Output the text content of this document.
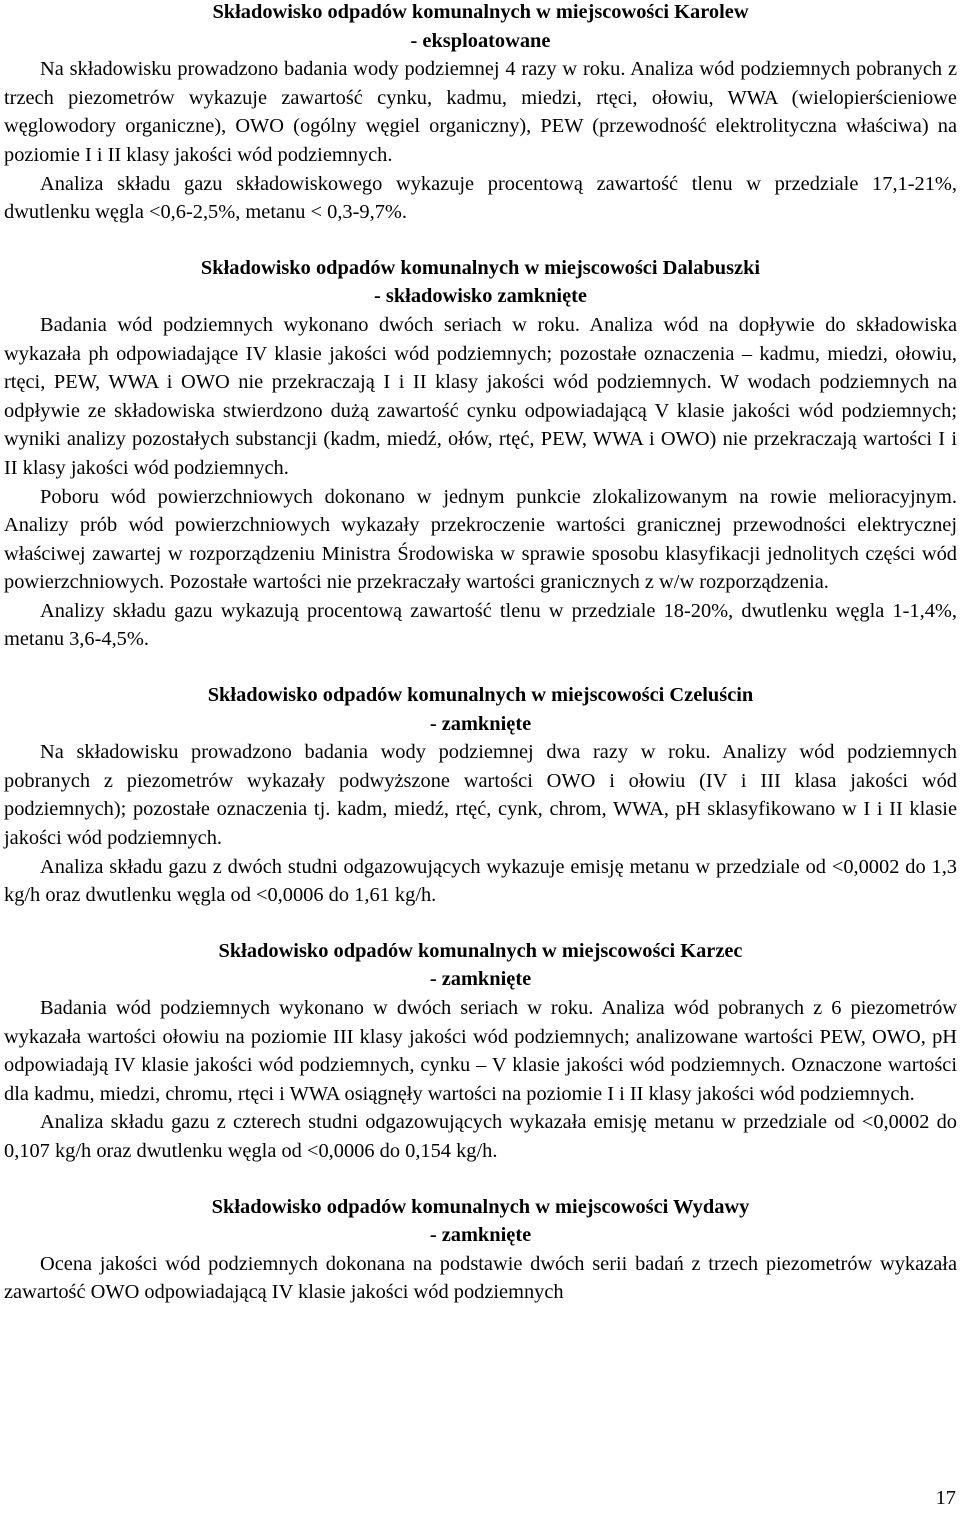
Składowisko odpadów komunalnych w miejscowości Karolew
- eksploatowane

Na składowisku prowadzono badania wody podziemnej 4 razy w roku. Analiza wód podziemnych pobranych z trzech piezometrów wykazuje zawartość cynku, kadmu, miedzi, rtęci, ołowiu, WWA (wielopierścieniowe węglowodory organiczne), OWO (ogólny węgiel organiczny), PEW (przewodność elektrolityczna właściwa) na poziomie I i II klasy jakości wód podziemnych.

Analiza składu gazu składowiskowego wykazuje procentową zawartość tlenu w przedziale 17,1-21%, dwutlenku węgla <0,6-2,5%, metanu < 0,3-9,7%.

Składowisko odpadów komunalnych w miejscowości Dalabuszki
- składowisko zamknięte

Badania wód podziemnych wykonano dwóch seriach w roku. Analiza wód na dopływie do składowiska wykazała ph odpowiadające IV klasie jakości wód podziemnych; pozostałe oznaczenia – kadmu, miedzi, ołowiu, rtęci, PEW, WWA i OWO nie przekraczają I i II klasy jakości wód podziemnych. W wodach podziemnych na odpływie ze składowiska stwierdzono dużą zawartość cynku odpowiadającą V klasie jakości wód podziemnych; wyniki analizy pozostałych substancji (kadm, miedź, ołów, rtęć, PEW, WWA i OWO) nie przekraczają wartości I i II klasy jakości wód podziemnych.

Poboru wód powierzchniowych dokonano w jednym punkcie zlokalizowanym na rowie melioracyjnym. Analizy prób wód powierzchniowych wykazały przekroczenie wartości granicznej przewodności elektrycznej właściwej zawartej w rozporządzeniu Ministra Środowiska w sprawie sposobu klasyfikacji jednolitych części wód powierzchniowych. Pozostałe wartości nie przekraczały wartości granicznych z w/w rozporządzenia.

Analizy składu gazu wykazują procentową zawartość tlenu w przedziale 18-20%, dwutlenku węgla 1-1,4%, metanu 3,6-4,5%.

Składowisko odpadów komunalnych w miejscowości Czeluścin
- zamknięte

Na składowisku prowadzono badania wody podziemnej dwa razy w roku. Analizy wód podziemnych pobranych z piezometrów wykazały podwyższone wartości OWO i ołowiu (IV i III klasa jakości wód podziemnych); pozostałe oznaczenia tj. kadm, miedź, rtęć, cynk, chrom, WWA, pH sklasyfikowano w I i II klasie jakości wód podziemnych.

Analiza składu gazu z dwóch studni odgazowujących wykazuje emisję metanu w przedziale od <0,0002 do 1,3 kg/h oraz dwutlenku węgla od <0,0006 do 1,61 kg/h.

Składowisko odpadów komunalnych w miejscowości Karzec
- zamknięte

Badania wód podziemnych wykonano w dwóch seriach w roku. Analiza wód pobranych z 6 piezometrów wykazała wartości ołowiu na poziomie III klasy jakości wód podziemnych; analizowane wartości PEW, OWO, pH odpowiadają IV klasie jakości wód podziemnych, cynku – V klasie jakości wód podziemnych. Oznaczone wartości dla kadmu, miedzi, chromu, rtęci i WWA osiągnęły wartości na poziomie I i II klasy jakości wód podziemnych.

Analiza składu gazu z czterech studni odgazowujących wykazała emisję metanu w przedziale od <0,0002 do 0,107 kg/h oraz dwutlenku węgla od <0,0006 do 0,154 kg/h.

Składowisko odpadów komunalnych w miejscowości Wydawy
- zamknięte

Ocena jakości wód podziemnych dokonana na podstawie dwóch serii badań z trzech piezometrów wykazała zawartość OWO odpowiadającą IV klasie jakości wód podziemnych

17
